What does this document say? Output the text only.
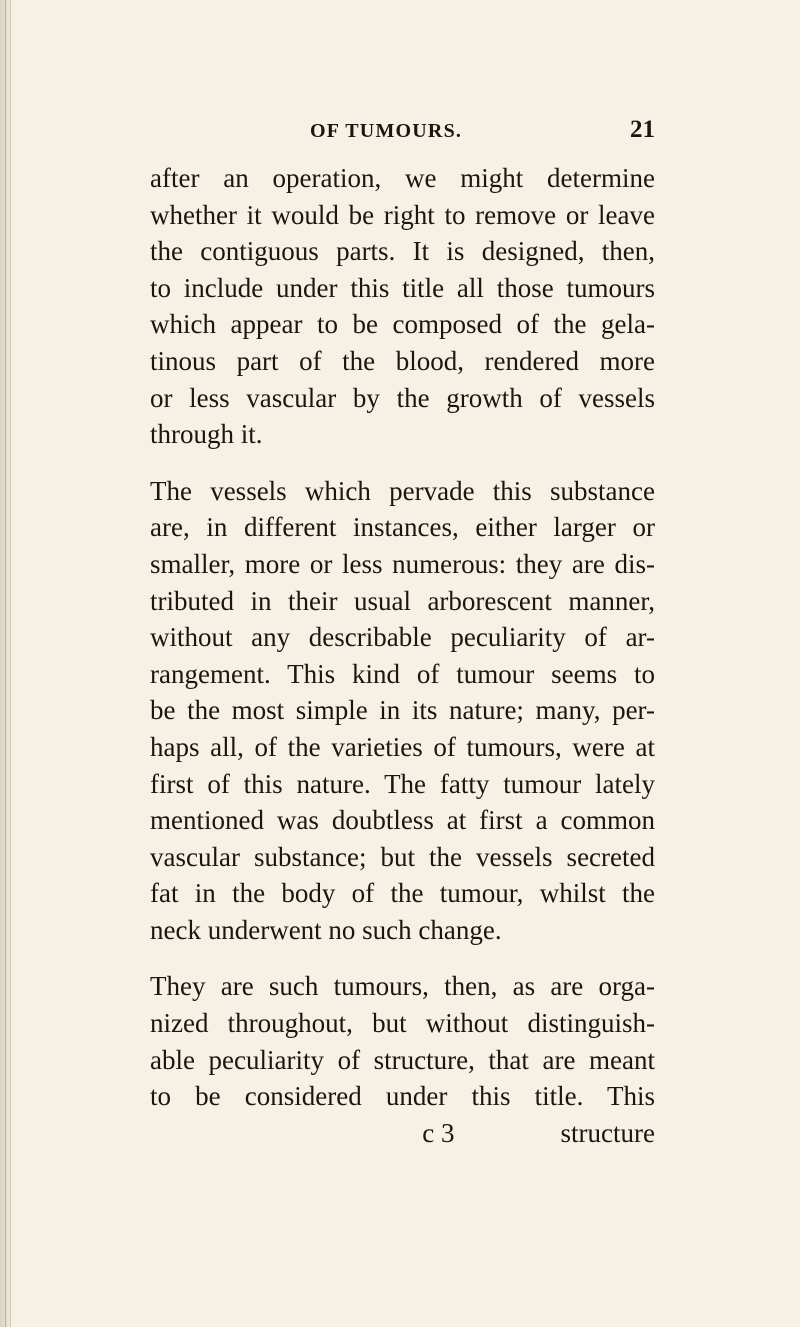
OF TUMOURS.	21
after an operation, we might determine
whether it would be right to remove or leave
the contiguous parts. It is designed, then,
to include under this title all those tumours
which appear to be composed of the gela-
tinous part of the blood, rendered more
or less vascular by the growth of vessels
through it.
The vessels which pervade this substance
are, in different instances, either larger or
smaller, more or less numerous: they are dis-
tributed in their usual arborescent manner,
without any describable peculiarity of ar-
rangement. This kind of tumour seems to
be the most simple in its nature; many, per-
haps all, of the varieties of tumours, were at
first of this nature. The fatty tumour lately
mentioned was doubtless at first a common
vascular substance; but the vessels secreted
fat in the body of the tumour, whilst the
neck underwent no such change.
They are such tumours, then, as are orga-
nized throughout, but without distinguish-
able peculiarity of structure, that are meant
to be considered under this title. This
c 3	structure
